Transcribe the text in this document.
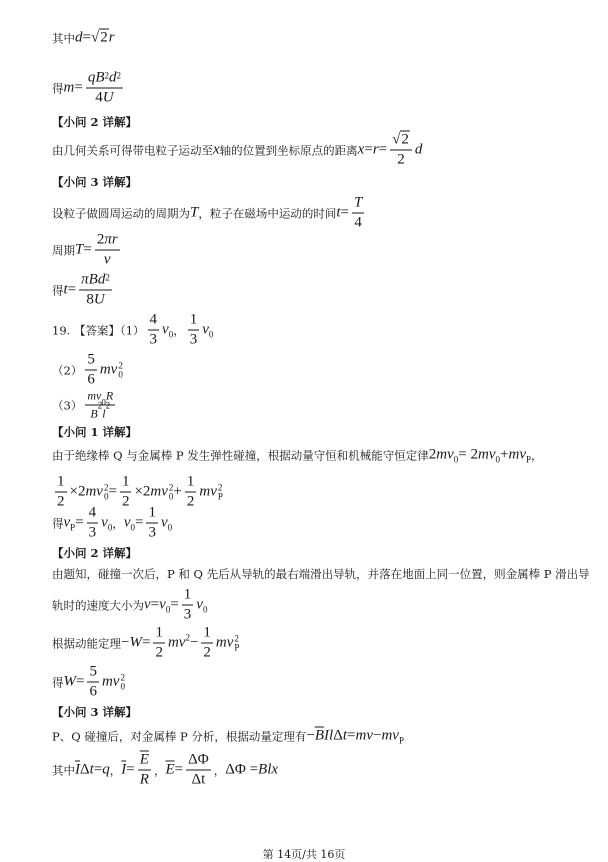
其中 d = √2 r
得 $m = \frac{qB 2 d 2}{4 U}$
【小问 2 详解】
由几何关系可得带电粒子运动至 x 轴的位置到坐标原点的距离 $x = r = \frac{√2}{2}$ d
【小问 3 详解】
设粒子做圆周运动的周期为 T ，粒子在磁场中运动的时间 $t = \frac{T}{4}$
周期 $T = \frac{2 \pi r}{v}$
得 $t = \frac{\text{πBd 2}}{8 U}$
19. 【答案】$(1) \frac{4}{3}$ v 0 ， $\frac{1}{3}$ v 0
$(2) \frac{5}{6}$ mv 0
2
（3） mv 0 R
B
2
l
2
【小问 1 详解】
由于绝缘棒 Q 与金属棒 P 发生弹性碰撞，根据动量守恒和机械能守恒定律 2 mv 0 = 2 mv 0 + mv P ，
$\frac{1}{2} \times 2$ mv 0
$2 = \frac{1}{2} \times 2$ mv 0
$2 + \frac{1}{2}$ mv P
2
得 v $P = \frac{4}{3}$ v 0 ， v $0 = \frac{1}{3}$ v 0
【小问 2 详解】
由题知，碰撞一次后，P 和 Q 先后从导轨的最右端滑出导轨，并落在地面上同一位置，则金属棒 P 滑出导
轨时的速度大小为 v = v $0 = \frac{1}{3}$ v 0
根据动能定理 − $W = \frac{1}{2}$ mv $2 - \frac{1}{2}$ mv P
2
得 $W = \frac{5}{6}$ mv 0
2
【小问 3 详解】
P、Q 碰撞后，对金属棒 P 分析，根据动量定理有 − $\overline{B}$ Il Δ t = mv − mv P
其中 $\overline{I}$ Δ t = q ， $\overline{I} = \frac{\overline{E}}{R}$ ， $\overline{E} = \frac{\Delta\Phi}{\Delta t}$ ， ΔΦ = Blx
第 14页/共 16页
